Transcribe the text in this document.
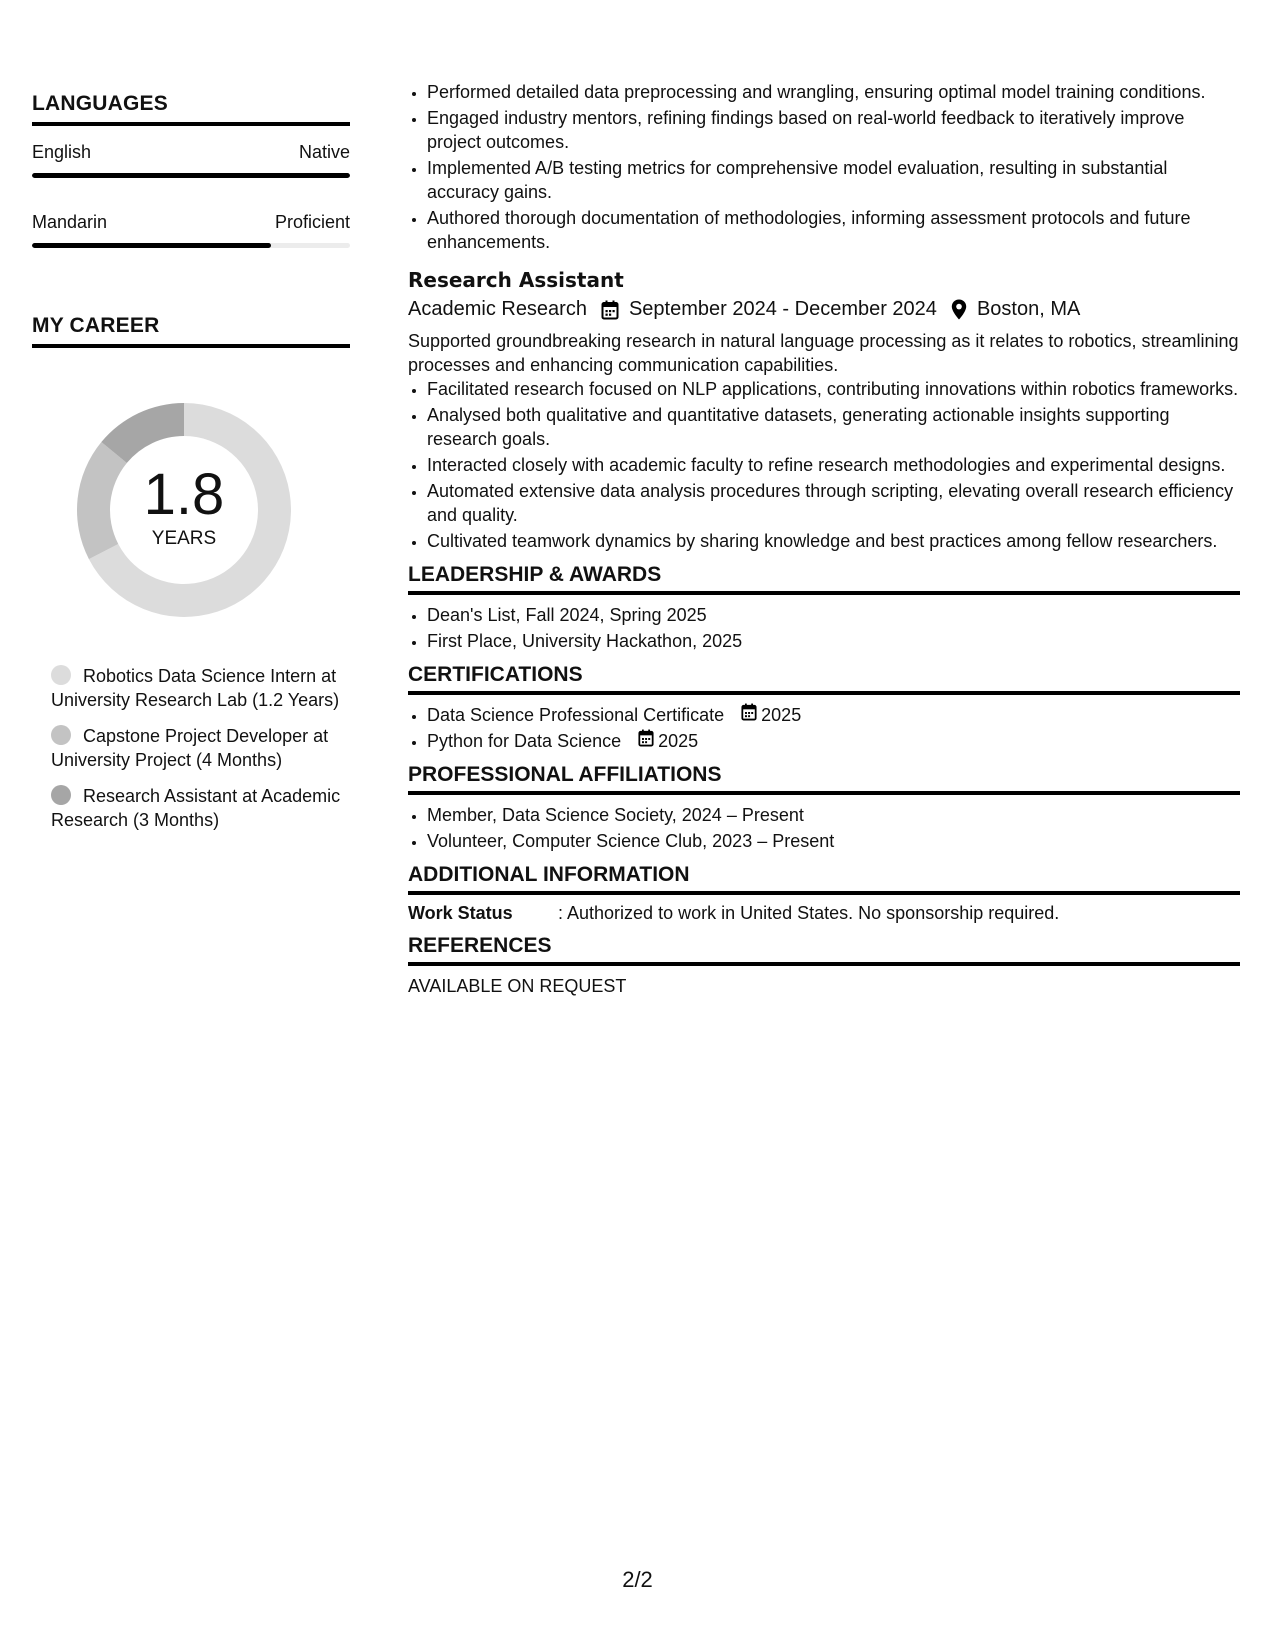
LANGUAGES
English	Native
Mandarin	Proficient
MY CAREER
1.8
YEARS
Robotics Data Science Intern at University Research Lab (1.2 Years)
Capstone Project Developer at University Project (4 Months)
Research Assistant at Academic Research (3 Months)
• Performed detailed data preprocessing and wrangling, ensuring optimal model training conditions.
• Engaged industry mentors, refining findings based on real-world feedback to iteratively improve project outcomes.
• Implemented A/B testing metrics for comprehensive model evaluation, resulting in substantial accuracy gains.
• Authored thorough documentation of methodologies, informing assessment protocols and future enhancements.
Research Assistant
Academic Research September 2024 - December 2024 Boston, MA
Supported groundbreaking research in natural language processing as it relates to robotics, streamlining processes and enhancing communication capabilities.
• Facilitated research focused on NLP applications, contributing innovations within robotics frameworks.
• Analysed both qualitative and quantitative datasets, generating actionable insights supporting research goals.
• Interacted closely with academic faculty to refine research methodologies and experimental designs.
• Automated extensive data analysis procedures through scripting, elevating overall research efficiency and quality.
• Cultivated teamwork dynamics by sharing knowledge and best practices among fellow researchers.
LEADERSHIP & AWARDS
• Dean's List, Fall 2024, Spring 2025
• First Place, University Hackathon, 2025
CERTIFICATIONS
• Data Science Professional Certificate 2025
• Python for Data Science 2025
PROFESSIONAL AFFILIATIONS
• Member, Data Science Society, 2024 – Present
• Volunteer, Computer Science Club, 2023 – Present
ADDITIONAL INFORMATION
Work Status	: Authorized to work in United States. No sponsorship required.
REFERENCES
AVAILABLE ON REQUEST
2/2
